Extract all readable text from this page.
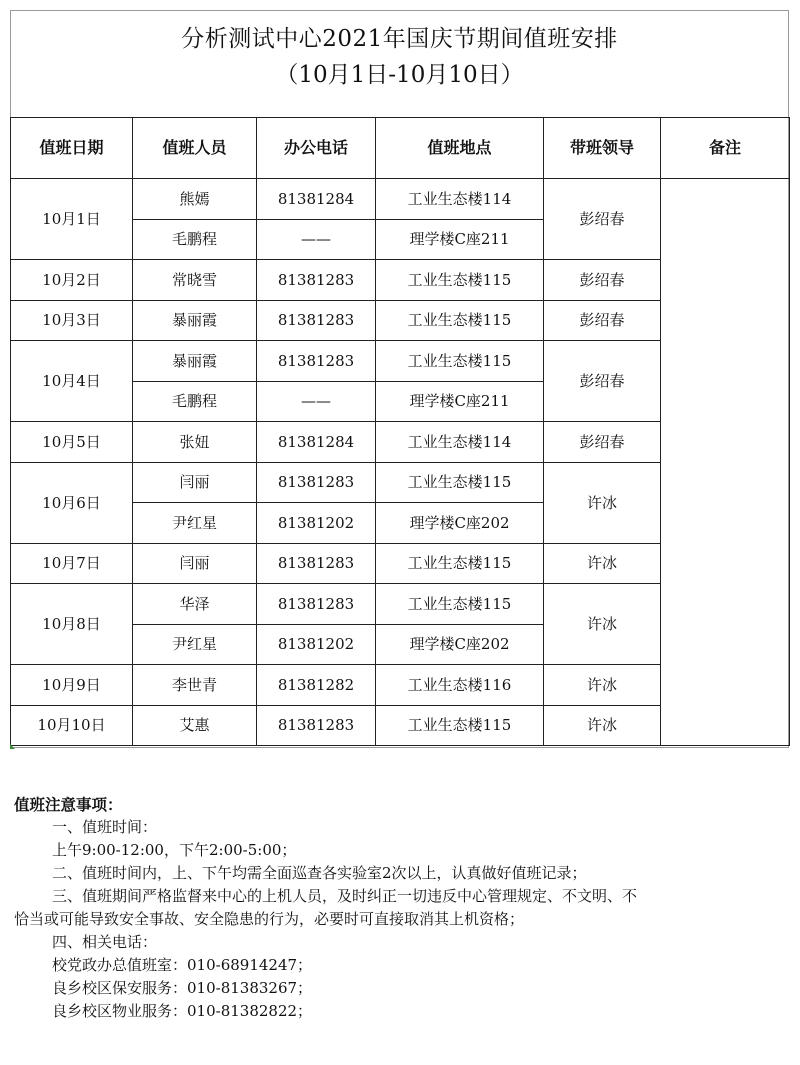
分析测试中心2021年国庆节期间值班安排
（10月1日-10月10日）
值班日期	值班人员	办公电话	值班地点	带班领导	备注
10月1日	熊嫣	81381284	工业生态楼114	彭绍春	
	毛鹏程	——	理学楼C座211		
10月2日	常晓雪	81381283	工业生态楼115	彭绍春	
10月3日	暴丽霞	81381283	工业生态楼115	彭绍春	
10月4日	暴丽霞	81381283	工业生态楼115	彭绍春	
	毛鹏程	——	理学楼C座211		
10月5日	张妞	81381284	工业生态楼114	彭绍春	
10月6日	闫丽	81381283	工业生态楼115	许冰	
	尹红星	81381202	理学楼C座202		
10月7日	闫丽	81381283	工业生态楼115	许冰	
10月8日	华泽	81381283	工业生态楼115	许冰	
	尹红星	81381202	理学楼C座202		
10月9日	李世青	81381282	工业生态楼116	许冰	
10月10日	艾惠	81381283	工业生态楼115	许冰	
值班注意事项：
一、值班时间：
上午9:00-12:00，下午2:00-5:00；
二、值班时间内，上、下午均需全面巡查各实验室2次以上，认真做好值班记录；
三、值班期间严格监督来中心的上机人员，及时纠正一切违反中心管理规定、不文明、不
恰当或可能导致安全事故、安全隐患的行为，必要时可直接取消其上机资格；
四、相关电话：
校党政办总值班室：010-68914247；
良乡校区保安服务：010-81383267；
良乡校区物业服务：010-81382822；
